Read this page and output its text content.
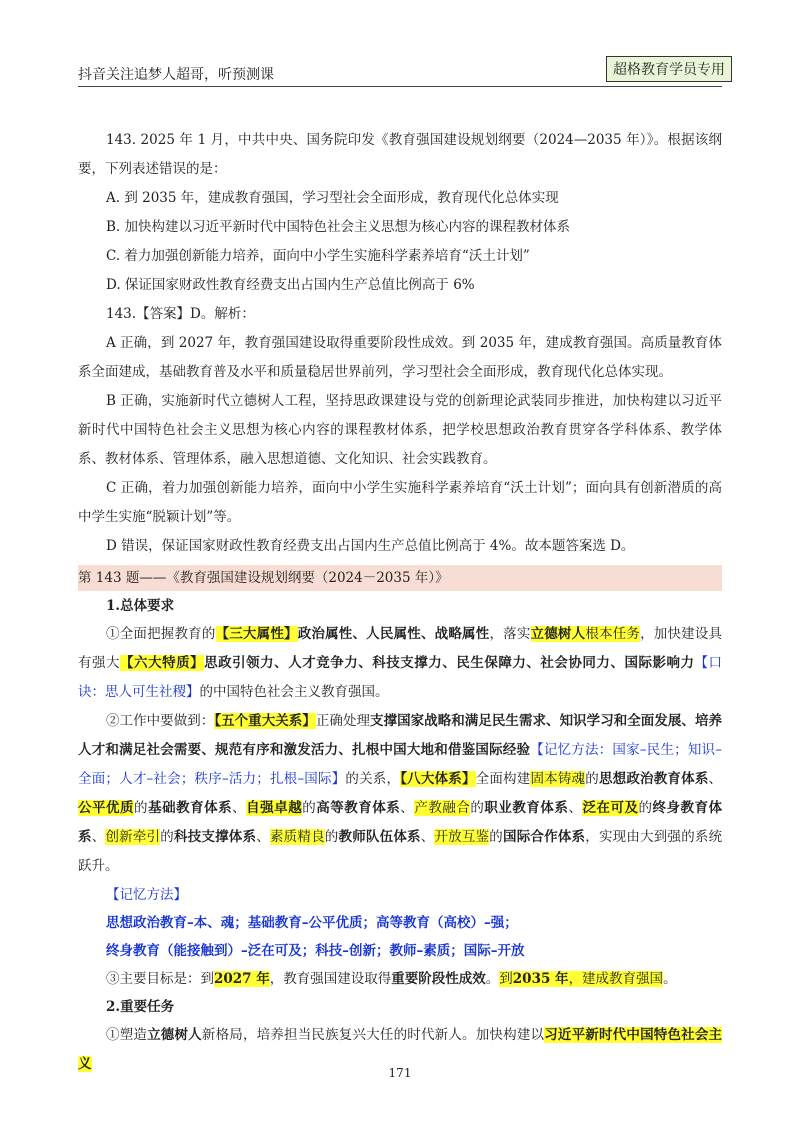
抖音关注追梦人超哥，听预测课	超格教育学员专用

143. 2025 年 1 月，中共中央、国务院印发《教育强国建设规划纲要（2024—2035 年）》。根据该纲要，下列表述错误的是：

A. 到 2035 年，建成教育强国，学习型社会全面形成，教育现代化总体实现

B. 加快构建以习近平新时代中国特色社会主义思想为核心内容的课程教材体系

C. 着力加强创新能力培养，面向中小学生实施科学素养培育“沃土计划”

D. 保证国家财政性教育经费支出占国内生产总值比例高于 6%

143.【答案】D。解析：

A 正确，到 2027 年，教育强国建设取得重要阶段性成效。到 2035 年，建成教育强国。高质量教育体系全面建成，基础教育普及水平和质量稳居世界前列，学习型社会全面形成，教育现代化总体实现。

B 正确，实施新时代立德树人工程，坚持思政课建设与党的创新理论武装同步推进，加快构建以习近平新时代中国特色社会主义思想为核心内容的课程教材体系，把学校思想政治教育贯穿各学科体系、教学体系、教材体系、管理体系，融入思想道德、文化知识、社会实践教育。

C 正确，着力加强创新能力培养，面向中小学生实施科学素养培育“沃土计划”；面向具有创新潜质的高中学生实施“脱颖计划”等。

D 错误，保证国家财政性教育经费支出占国内生产总值比例高于 4%。故本题答案选 D。

第 143 题——《教育强国建设规划纲要（2024－2035 年）》
1.总体要求

①全面把握教育的【三大属性】政治属性、人民属性、战略属性，落实立德树人根本任务，加快建设具有强大【六大特质】思政引领力、人才竞争力、科技支撑力、民生保障力、社会协同力、国际影响力【口诀：思人可生社稷】的中国特色社会主义教育强国。

②工作中要做到：【五个重大关系】正确处理支撑国家战略和满足民生需求、知识学习和全面发展、培养人才和满足社会需要、规范有序和激发活力、扎根中国大地和借鉴国际经验【记忆方法：国家–民生；知识–全面；人才–社会；秩序–活力；扎根–国际】的关系，【八大体系】全面构建固本铸魂的思想政治教育体系、公平优质的基础教育体系、自强卓越的高等教育体系、产教融合的职业教育体系、泛在可及的终身教育体系、创新牵引的科技支撑体系、素质精良的教师队伍体系、开放互鉴的国际合作体系，实现由大到强的系统跃升。

【记忆方法】

思想政治教育–本、魂；基础教育–公平优质；高等教育（高校）–强；

终身教育（能接触到）–泛在可及；科技–创新；教师–素质；国际–开放

③主要目标是：到2027 年，教育强国建设取得重要阶段性成效。到2035 年，建成教育强国。

2.重要任务

①塑造立德树人新格局，培养担当民族复兴大任的时代新人。加快构建以习近平新时代中国特色社会主义

171
